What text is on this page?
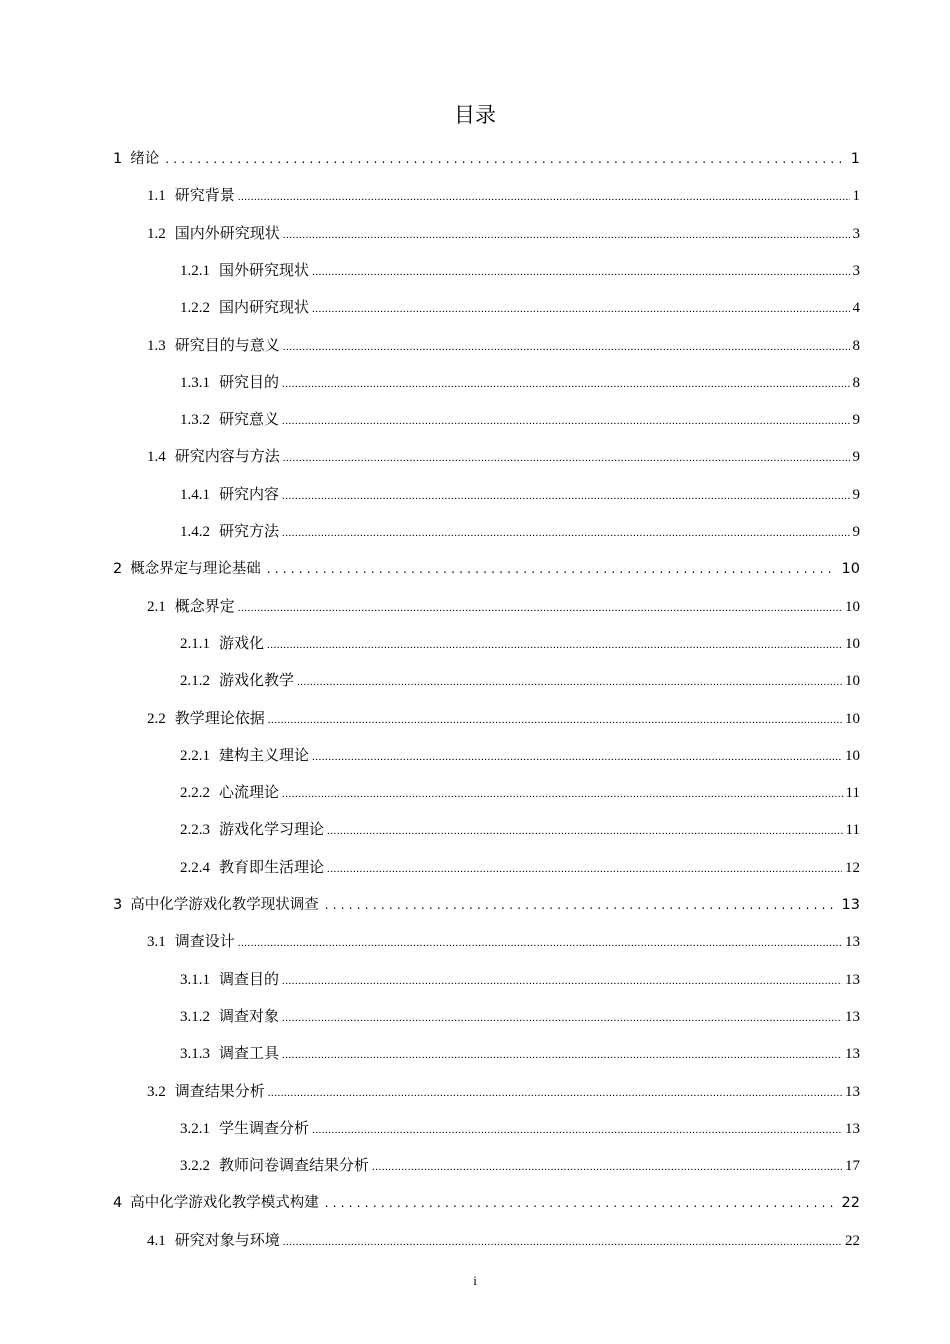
目录
1 绪论 .....	1
1.1 研究背景 .....	1
1.2 国内外研究现状 .....	3
1.2.1 国外研究现状 .....	3
1.2.2 国内研究现状 .....	4
1.3 研究目的与意义 .....	8
1.3.1 研究目的 .....	8
1.3.2 研究意义 .....	9
1.4 研究内容与方法 .....	9
1.4.1 研究内容 .....	9
1.4.2 研究方法 .....	9
2 概念界定与理论基础 .....	10
2.1 概念界定 .....	10
2.1.1 游戏化 .....	10
2.1.2 游戏化教学 .....	10
2.2 教学理论依据 .....	10
2.2.1 建构主义理论 .....	10
2.2.2 心流理论 .....	11
2.2.3 游戏化学习理论 .....	11
2.2.4 教育即生活理论 .....	12
3 高中化学游戏化教学现状调查 .....	13
3.1 调查设计 .....	13
3.1.1 调查目的 .....	13
3.1.2 调查对象 .....	13
3.1.3 调查工具 .....	13
3.2 调查结果分析 .....	13
3.2.1 学生调查分析 .....	13
3.2.2 教师问卷调查结果分析 .....	17
4 高中化学游戏化教学模式构建 .....	22
4.1 研究对象与环境 .....	22
i
